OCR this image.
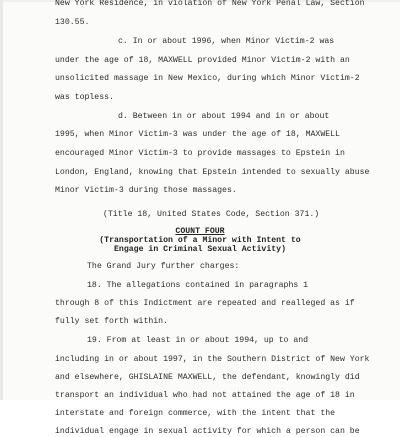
New York Residence, in violation of New York Penal Law, Section
130.55.
c. In or about 1996, when Minor Victim-2 was
under the age of 18, MAXWELL provided Minor Victim-2 with an
unsolicited massage in New Mexico, during which Minor Victim-2
was topless.
d. Between in or about 1994 and in or about
1995, when Minor Victim-3 was under the age of 18, MAXWELL
encouraged Minor Victim-3 to provide massages to Epstein in
London, England, knowing that Epstein intended to sexually abuse
Minor Victim-3 during those massages.
(Title 18, United States Code, Section 371.)
COUNT FOUR
(Transportation of a Minor with Intent to
Engage in Criminal Sexual Activity)
The Grand Jury further charges:
18. The allegations contained in paragraphs 1
through 8 of this Indictment are repeated and realleged as if
fully set forth within.
19. From at least in or about 1994, up to and
including in or about 1997, in the Southern District of New York
and elsewhere, GHISLAINE MAXWELL, the defendant, knowingly did
transport an individual who had not attained the age of 18 in
interstate and foreign commerce, with the intent that the
individual engage in sexual activity for which a person can be
